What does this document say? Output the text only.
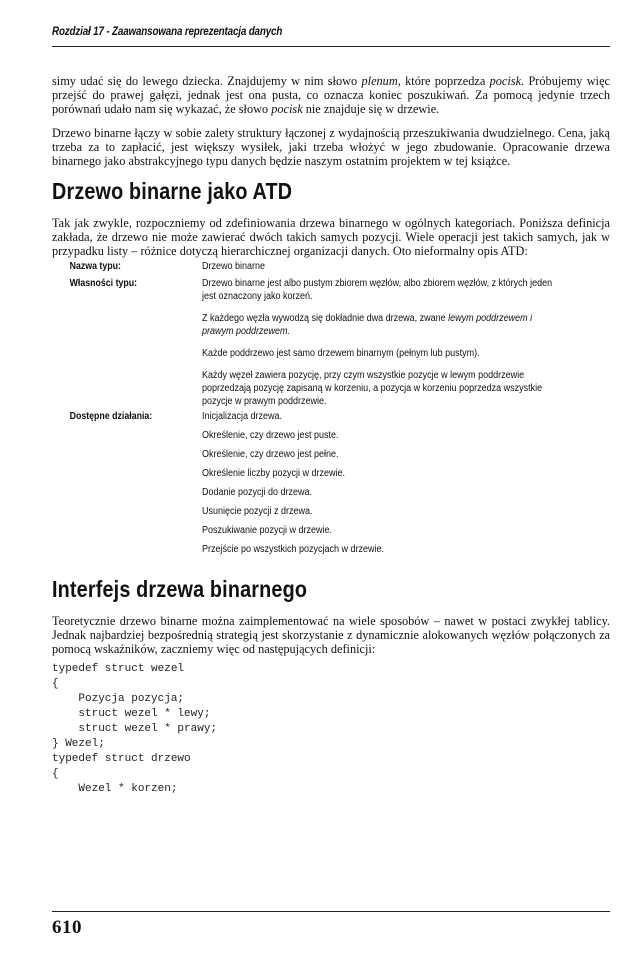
Rozdział 17 - Zaawansowana reprezentacja danych

simy udać się do lewego dziecka. Znajdujemy w nim słowo plenum, które poprzedza pocisk. Próbujemy więc przejść do prawej gałęzi, jednak jest ona pusta, co oznacza koniec poszukiwań. Za pomocą jedynie trzech porównań udało nam się wykazać, że słowo pocisk nie znajduje się w drzewie.

Drzewo binarne łączy w sobie zalety struktury łączonej z wydajnością przeszukiwania dwudzielnego. Cena, jaką trzeba za to zapłacić, jest większy wysiłek, jaki trzeba włożyć w jego zbudowanie. Opracowanie drzewa binarnego jako abstrakcyjnego typu danych będzie naszym ostatnim projektem w tej książce.

Drzewo binarne jako ATD

Tak jak zwykle, rozpoczniemy od zdefiniowania drzewa binarnego w ogólnych kategoriach. Poniższa definicja zakłada, że drzewo nie może zawierać dwóch takich samych pozycji. Wiele operacji jest takich samych, jak w przypadku listy – różnice dotyczą hierarchicznej organizacji danych. Oto nieformalny opis ATD:

Nazwa typu:	Drzewo binarne
Własności typu:	Drzewo binarne jest albo pustym zbiorem węzłów, albo zbiorem węzłów, z których jeden jest oznaczony jako korzeń.
Z każdego węzła wywodzą się dokładnie dwa drzewa, zwane lewym poddrzewem i prawym poddrzewem.
Każde poddrzewo jest samo drzewem binarnym (pełnym lub pustym).
Każdy węzeł zawiera pozycję, przy czym wszystkie pozycje w lewym poddrzewie poprzedzają pozycję zapisaną w korzeniu, a pozycja w korzeniu poprzedza wszystkie pozycje w prawym poddrzewie.
Dostępne działania:	Inicjalizacja drzewa.
Określenie, czy drzewo jest puste.
Określenie, czy drzewo jest pełne.
Określenie liczby pozycji w drzewie.
Dodanie pozycji do drzewa.
Usunięcie pozycji z drzewa.
Poszukiwanie pozycji w drzewie.
Przejście po wszystkich pozycjach w drzewie.
Interfejs drzewa binarnego

Teoretycznie drzewo binarne można zaimplementować na wiele sposobów – nawet w postaci zwykłej tablicy. Jednak najbardziej bezpośrednią strategią jest skorzystanie z dynamicznie alokowanych węzłów połączonych za pomocą wskaźników, zaczniemy więc od następujących definicji:

typedef struct wezel
{
Pozycja pozycja;
struct wezel * lewy;
struct wezel * prawy;
} Wezel;
typedef struct drzewo
{
Wezel * korzen;
610
